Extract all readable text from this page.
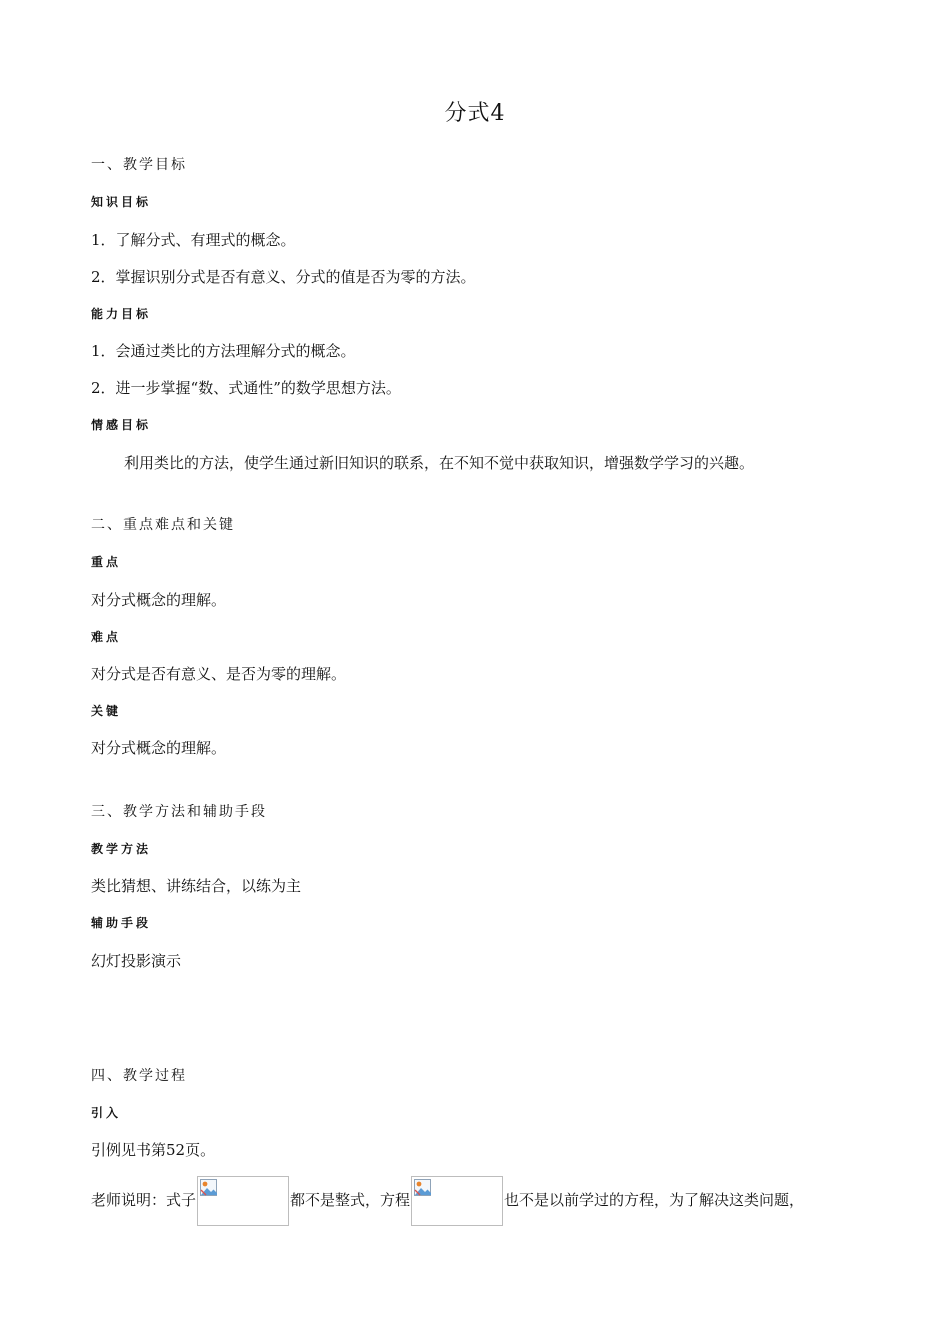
分式4
一、教学目标
知识目标
1．了解分式、有理式的概念。
2．掌握识别分式是否有意义、分式的值是否为零的方法。
能力目标
1．会通过类比的方法理解分式的概念。
2．进一步掌握“数、式通性”的数学思想方法。
情感目标
利用类比的方法，使学生通过新旧知识的联系，在不知不觉中获取知识，增强数学学习的兴趣。
二、重点难点和关键
重点
对分式概念的理解。
难点
对分式是否有意义、是否为零的理解。
关键
对分式概念的理解。
三、教学方法和辅助手段
教学方法
类比猜想、讲练结合，以练为主
辅助手段
幻灯投影演示
四、教学过程
引入
引例见书第52页。
老师说明：式子	都不是整式，方程	也不是以前学过的方程，为了解决这类问题，
